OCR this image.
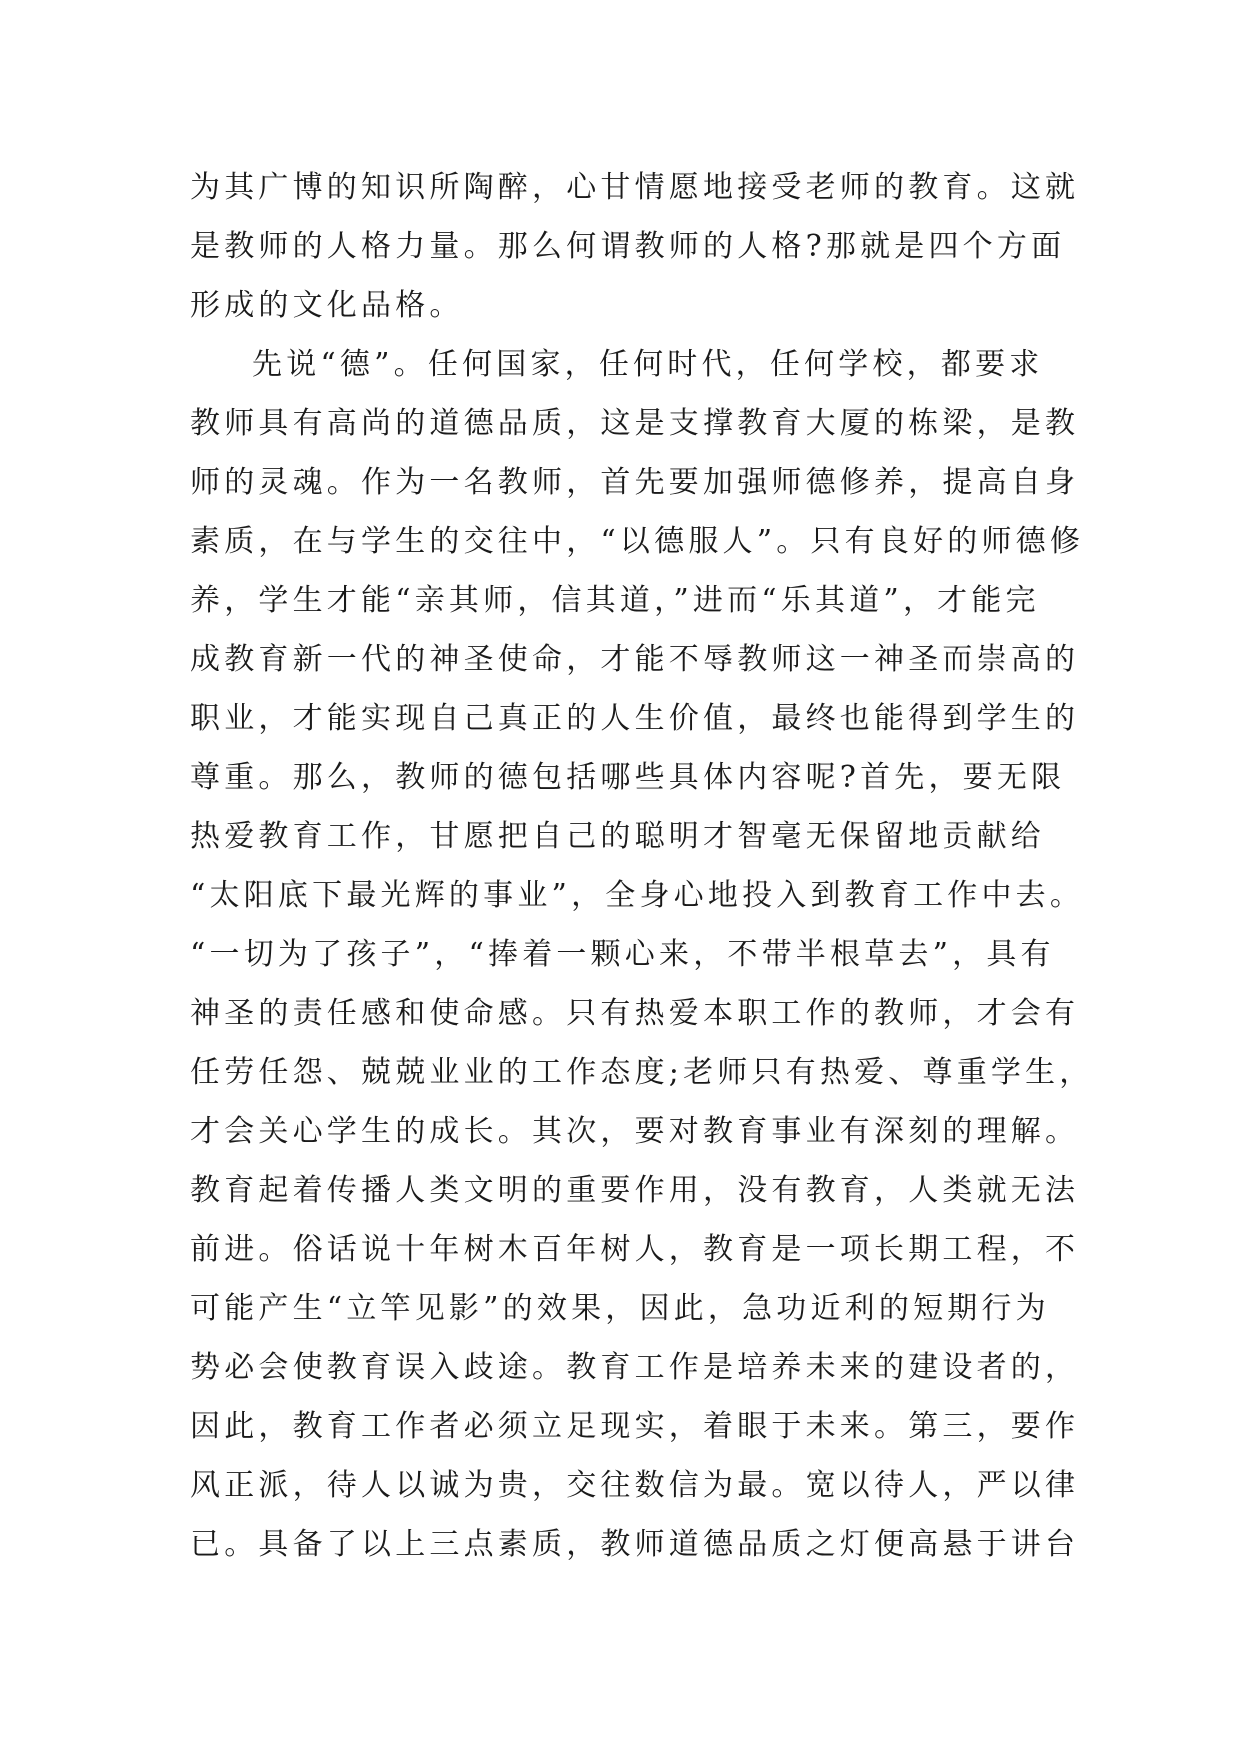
为其广博的知识所陶醉，心甘情愿地接受老师的教育。这就
是教师的人格力量。那么何谓教师的人格?那就是四个方面
形成的文化品格。
先说“德”。任何国家，任何时代，任何学校，都要求
教师具有高尚的道德品质，这是支撑教育大厦的栋梁，是教
师的灵魂。作为一名教师，首先要加强师德修养，提高自身
素质，在与学生的交往中，“以德服人”。只有良好的师德修
养，学生才能“亲其师，信其道，”进而“乐其道”，才能完
成教育新一代的神圣使命，才能不辱教师这一神圣而崇高的
职业，才能实现自己真正的人生价值，最终也能得到学生的
尊重。那么，教师的德包括哪些具体内容呢?首先，要无限
热爱教育工作，甘愿把自己的聪明才智毫无保留地贡献给
“太阳底下最光辉的事业”，全身心地投入到教育工作中去。
“一切为了孩子”，“捧着一颗心来，不带半根草去”，具有
神圣的责任感和使命感。只有热爱本职工作的教师，才会有
任劳任怨、兢兢业业的工作态度;老师只有热爱、尊重学生，
才会关心学生的成长。其次，要对教育事业有深刻的理解。
教育起着传播人类文明的重要作用，没有教育，人类就无法
前进。俗话说十年树木百年树人，教育是一项长期工程，不
可能产生“立竿见影”的效果，因此，急功近利的短期行为
势必会使教育误入歧途。教育工作是培养未来的建设者的，
因此，教育工作者必须立足现实，着眼于未来。第三，要作
风正派，待人以诚为贵，交往数信为最。宽以待人，严以律
已。具备了以上三点素质，教师道德品质之灯便高悬于讲台
